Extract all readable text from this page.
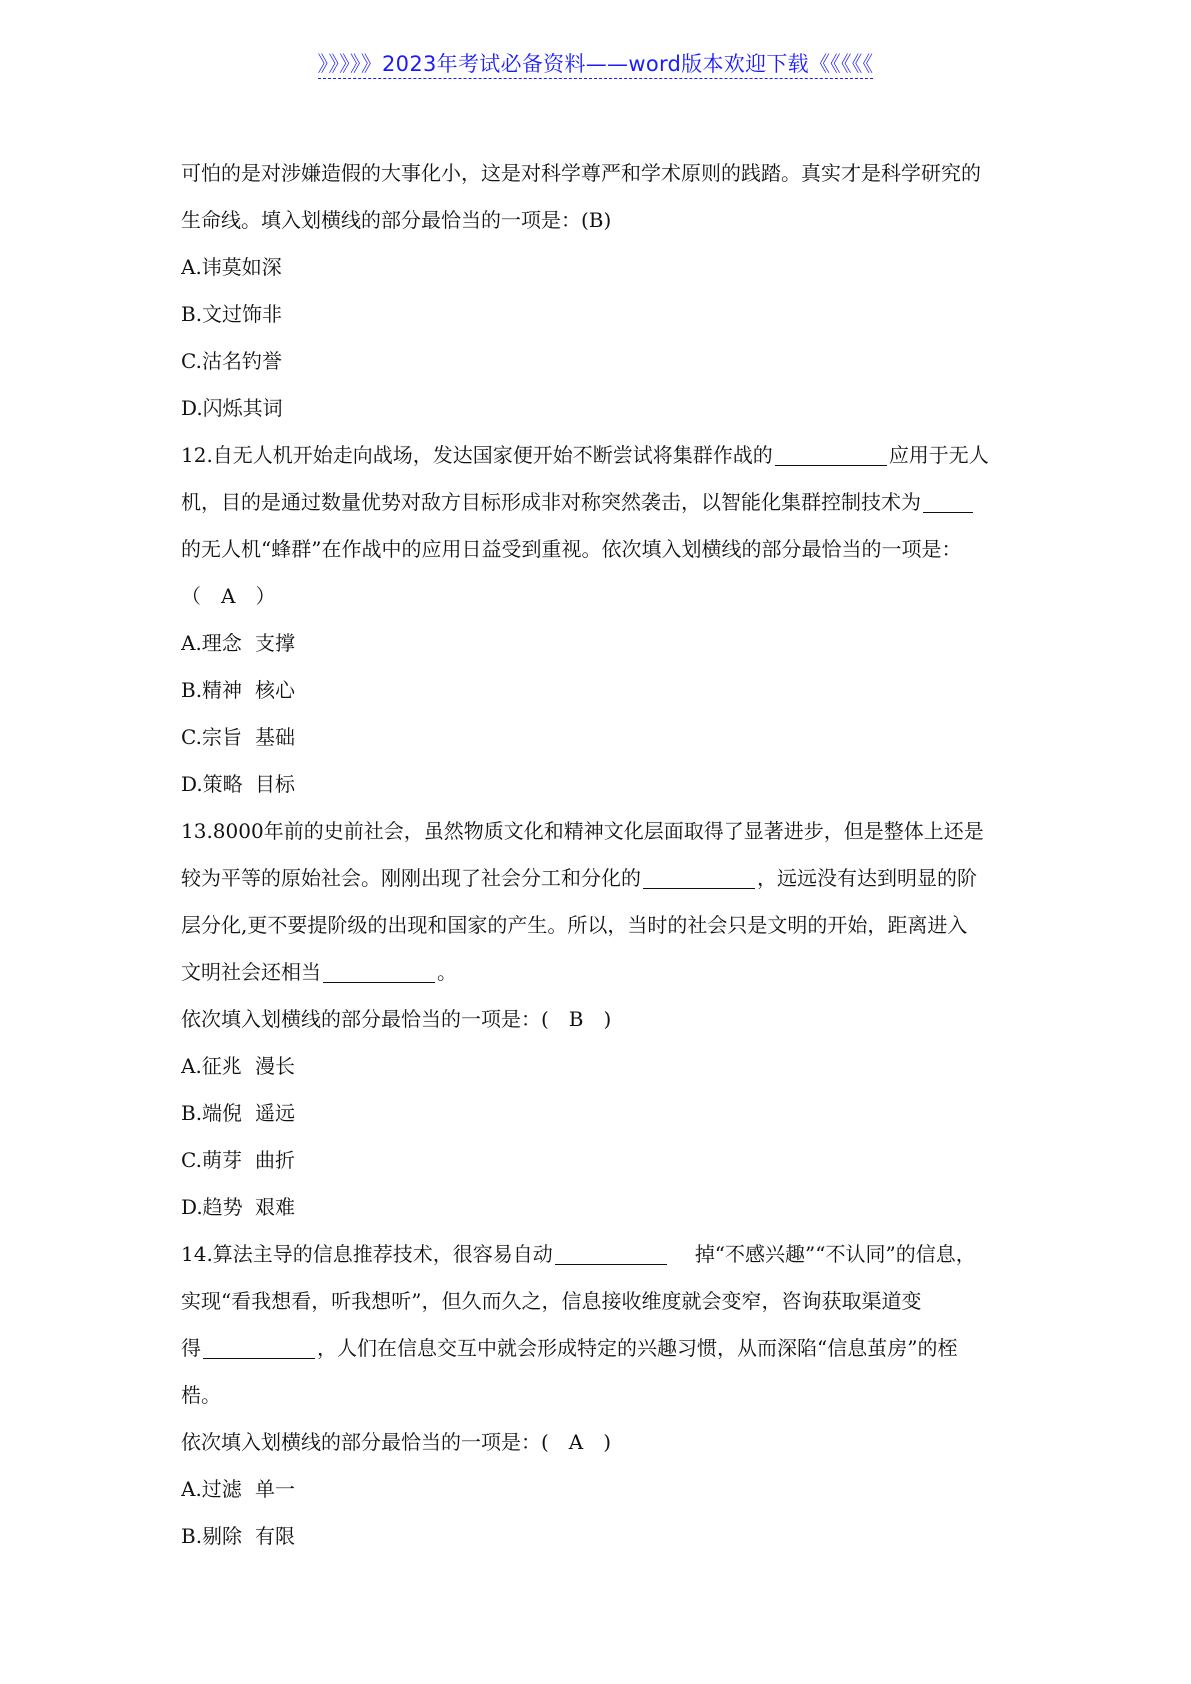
》》》》》2023年考试必备资料——word版本欢迎下载《《《《《
可怕的是对涉嫌造假的大事化小，这是对科学尊严和学术原则的践踏。真实才是科学研究的
生命线。填入划横线的部分最恰当的一项是：(B)
A.讳莫如深
B.文过饰非
C.沽名钓誉
D.闪烁其词
12.自无人机开始走向战场，发达国家便开始不断尝试将集群作战的	应用于无人
机，目的是通过数量优势对敌方目标形成非对称突然袭击，以智能化集群控制技术为
的无人机“蜂群”在作战中的应用日益受到重视。依次填入划横线的部分最恰当的一项是：
（　A　）
A.理念 支撑
B.精神 核心
C.宗旨 基础
D.策略 目标
13.8000年前的史前社会，虽然物质文化和精神文化层面取得了显著进步，但是整体上还是
较为平等的原始社会。刚刚出现了社会分工和分化的	，远远没有达到明显的阶
层分化,更不要提阶级的出现和国家的产生。所以，当时的社会只是文明的开始，距离进入
文明社会还相当	。
依次填入划横线的部分最恰当的一项是：(　B　)
A.征兆 漫长
B.端倪 遥远
C.萌芽 曲折
D.趋势 艰难
14.算法主导的信息推荐技术，很容易自动	掉“不感兴趣”“不认同”的信息，
实现“看我想看，听我想听”，但久而久之，信息接收维度就会变窄，咨询获取渠道变
得	，人们在信息交互中就会形成特定的兴趣习惯，从而深陷“信息茧房”的桎
梏。
依次填入划横线的部分最恰当的一项是：(　A　)
A.过滤 单一
B.剔除 有限
